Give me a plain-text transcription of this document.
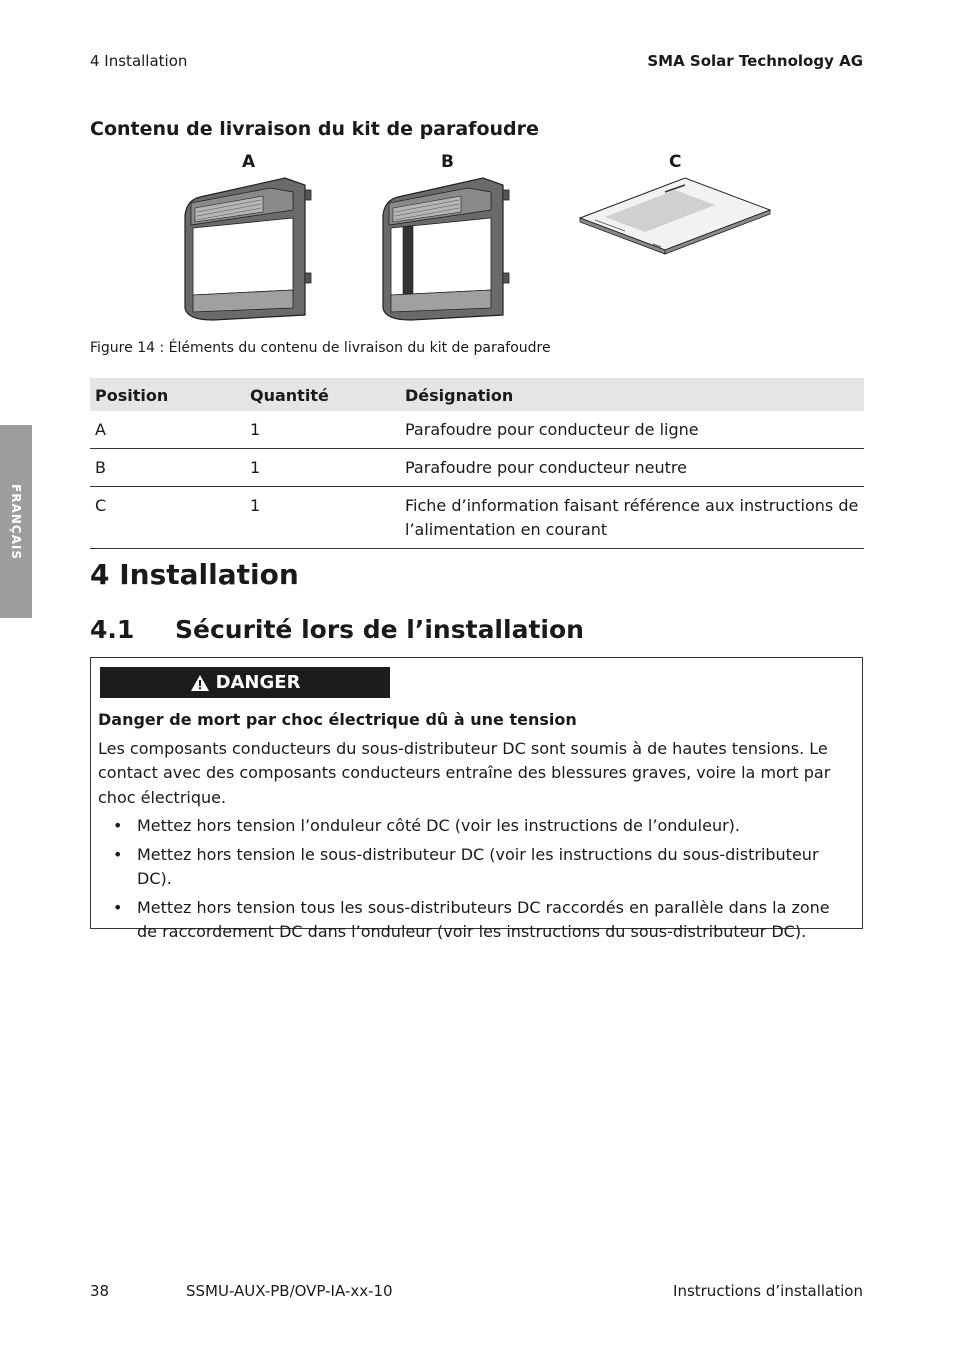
4 Installation	SMA Solar Technology AG
FRANÇAIS
Contenu de livraison du kit de parafoudre
A	B	C
Figure 14 : Éléments du contenu de livraison du kit de parafoudre
Position	Quantité	Désignation
A	1	Parafoudre pour conducteur de ligne
B	1	Parafoudre pour conducteur neutre
C	1	Fiche d’information faisant référence aux instructions de l’alimentation en courant
4 Installation
4.1 Sécurité lors de l’installation
DANGER

Danger de mort par choc électrique dû à une tension

Les composants conducteurs du sous-distributeur DC sont soumis à de hautes tensions. Le contact avec des composants conducteurs entraîne des blessures graves, voire la mort par choc électrique.

• Mettez hors tension l’onduleur côté DC (voir les instructions de l’onduleur).
• Mettez hors tension le sous-distributeur DC (voir les instructions du sous-distributeur DC).
• Mettez hors tension tous les sous-distributeurs DC raccordés en parallèle dans la zone de raccordement DC dans l’onduleur (voir les instructions du sous-distributeur DC).
38	SSMU-AUX-PB/OVP-IA-xx-10	Instructions d’installation
